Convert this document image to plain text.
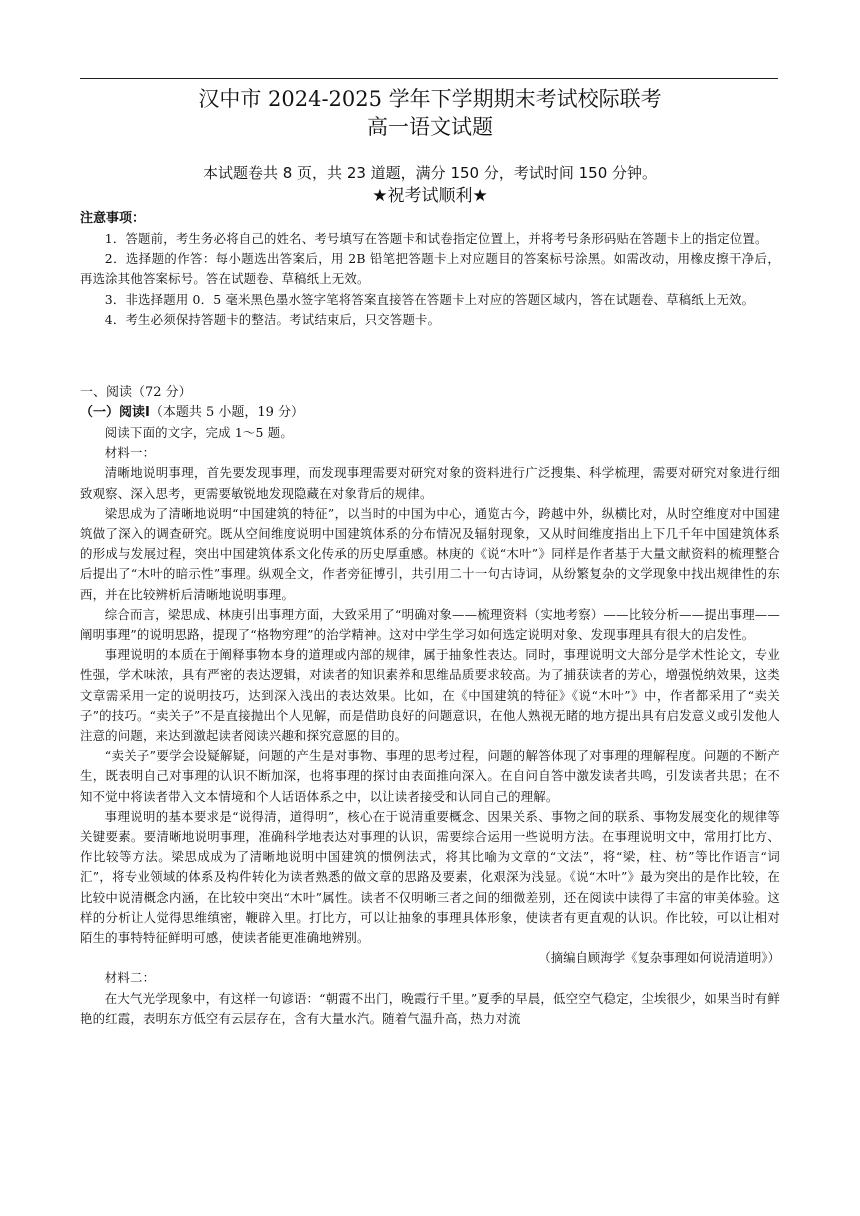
汉中市 2024-2025 学年下学期期末考试校际联考
高一语文试题
本试题卷共 8 页，共 23 道题，满分 150 分，考试时间 150 分钟。
★祝考试顺利★
注意事项：

1．答题前，考生务必将自己的姓名、考号填写在答题卡和试卷指定位置上，并将考号条形码贴在答题卡上的指定位置。

2．选择题的作答：每小题选出答案后，用 2B 铅笔把答题卡上对应题目的答案标号涂黑。如需改动，用橡皮擦干净后，再选涂其他答案标号。答在试题卷、草稿纸上无效。

3．非选择题用 0．5 毫米黑色墨水签字笔将答案直接答在答题卡上对应的答题区域内，答在试题卷、草稿纸上无效。

4．考生必须保持答题卡的整洁。考试结束后，只交答题卡。

一、阅读（72 分）
（一）阅读Ⅰ（本题共 5 小题，19 分）

阅读下面的文字，完成 1～5 题。

材料一：

清晰地说明事理，首先要发现事理，而发现事理需要对研究对象的资料进行广泛搜集、科学梳理，需要对研究对象进行细致观察、深入思考，更需要敏锐地发现隐藏在对象背后的规律。

梁思成为了清晰地说明“中国建筑的特征”，以当时的中国为中心，通览古今，跨越中外，纵横比对，从时空维度对中国建筑做了深入的调查研究。既从空间维度说明中国建筑体系的分布情况及辐射现象，又从时间维度指出上下几千年中国建筑体系的形成与发展过程，突出中国建筑体系文化传承的历史厚重感。林庚的《说“木叶”》同样是作者基于大量文献资料的梳理整合后提出了“木叶的暗示性”事理。纵观全文，作者旁征博引，共引用二十一句古诗词，从纷繁复杂的文学现象中找出规律性的东西，并在比较辨析后清晰地说明事理。

综合而言，梁思成、林庚引出事理方面，大致采用了“明确对象——梳理资料（实地考察）——比较分析——提出事理——阐明事理”的说明思路，提现了“格物穷理”的治学精神。这对中学生学习如何选定说明对象、发现事理具有很大的启发性。

事理说明的本质在于阐释事物本身的道理或内部的规律，属于抽象性表达。同时，事理说明文大部分是学术性论文，专业性强，学术味浓，具有严密的表达逻辑，对读者的知识素养和思维品质要求较高。为了捕获读者的芳心，增强悦纳效果，这类文章需采用一定的说明技巧，达到深入浅出的表达效果。比如，在《中国建筑的特征》《说“木叶”》中，作者都采用了“卖关子”的技巧。“卖关子”不是直接抛出个人见解，而是借助良好的问题意识，在他人熟视无睹的地方提出具有启发意义或引发他人注意的问题，来达到激起读者阅读兴趣和探究意愿的目的。

“卖关子”要学会设疑解疑，问题的产生是对事物、事理的思考过程，问题的解答体现了对事理的理解程度。问题的不断产生，既表明自己对事理的认识不断加深，也将事理的探讨由表面推向深入。在自问自答中激发读者共鸣，引发读者共思；在不知不觉中将读者带入文本情境和个人话语体系之中，以让读者接受和认同自己的理解。

事理说明的基本要求是“说得清，道得明”，核心在于说清重要概念、因果关系、事物之间的联系、事物发展变化的规律等关键要素。要清晰地说明事理，准确科学地表达对事理的认识，需要综合运用一些说明方法。在事理说明文中，常用打比方、作比较等方法。梁思成成为了清晰地说明中国建筑的惯例法式，将其比喻为文章的“文法”，将“梁，柱、枋”等比作语言“词汇”，将专业领域的体系及构件转化为读者熟悉的做文章的思路及要素，化艰深为浅显。《说“木叶”》最为突出的是作比较，在比较中说清概念内涵，在比较中突出“木叶”属性。读者不仅明晰三者之间的细微差别，还在阅读中读得了丰富的审美体验。这样的分析让人觉得思维缜密，鞭辟入里。打比方，可以让抽象的事理具体形象，使读者有更直观的认识。作比较，可以让相对陌生的事特特征鲜明可感，使读者能更准确地辨别。

（摘编自顾海学《复杂事理如何说清道明》）

材料二：

在大气光学现象中，有这样一句谚语：“朝霞不出门，晚霞行千里。”夏季的早晨，低空空气稳定，尘埃很少，如果当时有鲜艳的红霞，表明东方低空有云层存在，含有大量水汽。随着气温升高，热力对流
